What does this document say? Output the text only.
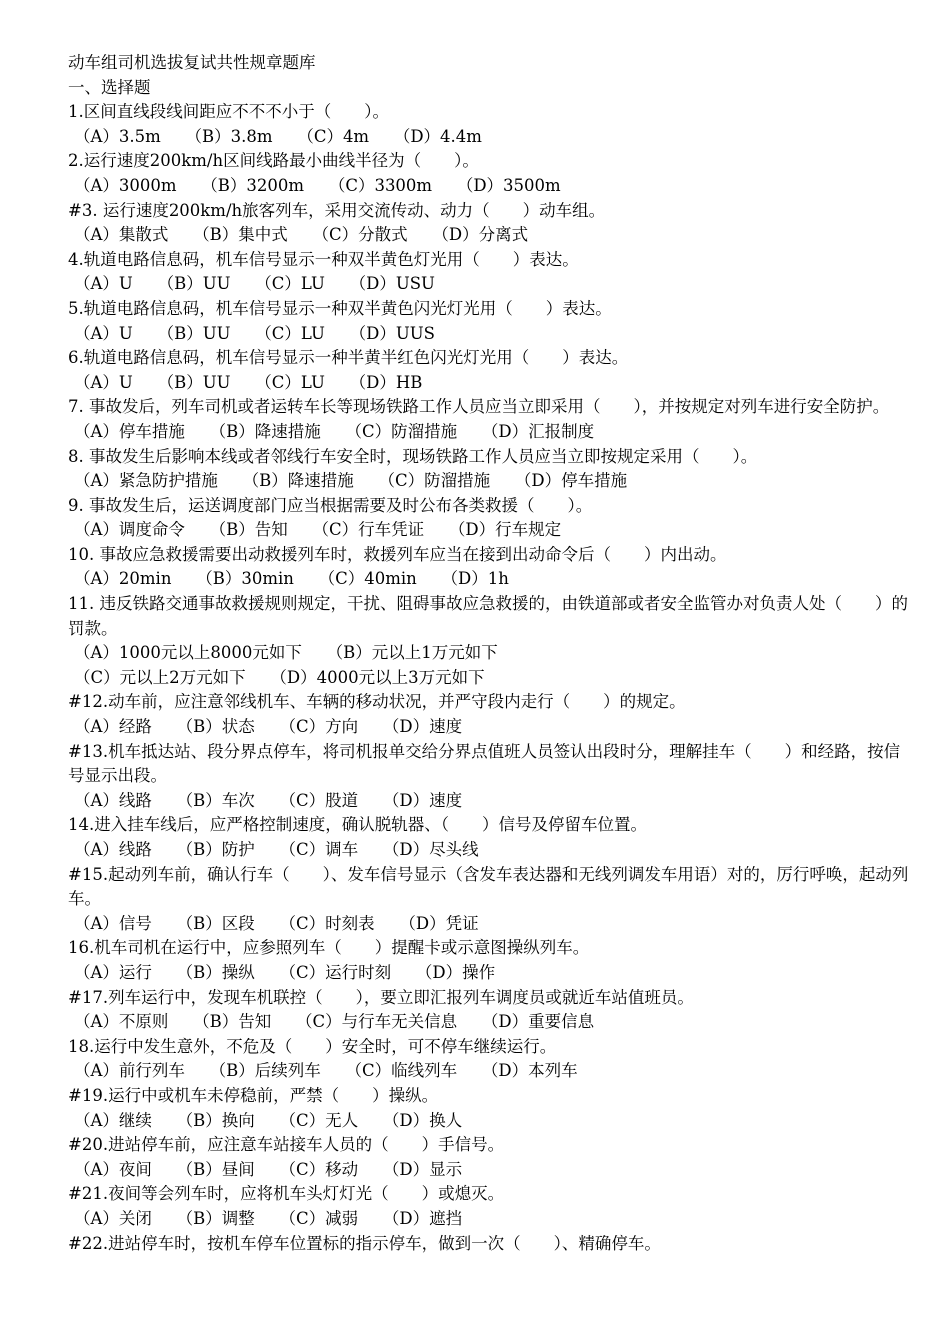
动车组司机选拔复试共性规章题库
一、选择题
1.区间直线段线间距应不不不小于（　　）。
（A）3.5m　　（B）3.8m　　（C）4m　　（D）4.4m
2.运行速度200km/h区间线路最小曲线半径为（　　）。
（A）3000m　　（B）3200m　　（C）3300m　　（D）3500m
#3. 运行速度200km/h旅客列车，采用交流传动、动力（　　）动车组。
（A）集散式　　（B）集中式　　（C）分散式　　（D）分离式
4.轨道电路信息码，机车信号显示一种双半黄色灯光用（　　）表达。
（A）U　　（B）UU　　（C）LU　　（D）USU
5.轨道电路信息码，机车信号显示一种双半黄色闪光灯光用（　　）表达。
（A）U　　（B）UU　　（C）LU　　（D）UUS
6.轨道电路信息码，机车信号显示一种半黄半红色闪光灯光用（　　）表达。
（A）U　　（B）UU　　（C）LU　　（D）HB
7. 事故发后，列车司机或者运转车长等现场铁路工作人员应当立即采用（　　），并按规定对列车进行安全防护。
（A）停车措施　　（B）降速措施　　（C）防溜措施　　（D）汇报制度
8. 事故发生后影响本线或者邻线行车安全时，现场铁路工作人员应当立即按规定采用（　　）。
（A）紧急防护措施　　（B）降速措施　　（C）防溜措施　　（D）停车措施
9. 事故发生后，运送调度部门应当根据需要及时公布各类救援（　　）。
（A）调度命令　　（B）告知　　（C）行车凭证　　（D）行车规定
10. 事故应急救援需要出动救援列车时，救援列车应当在接到出动命令后（　　）内出动。
（A）20min　　（B）30min　　（C）40min　　（D）1h
11. 违反铁路交通事故救援规则规定，干扰、阻碍事故应急救援的，由铁道部或者安全监管办对负责人处（　　）的罚款。
（A）1000元以上8000元如下　　（B）元以上1万元如下
（C）元以上2万元如下　　（D）4000元以上3万元如下
#12.动车前，应注意邻线机车、车辆的移动状况，并严守段内走行（　　）的规定。
（A）经路　　（B）状态　　（C）方向　　（D）速度
#13.机车抵达站、段分界点停车，将司机报单交给分界点值班人员签认出段时分，理解挂车（　　）和经路，按信号显示出段。
（A）线路　　（B）车次　　（C）股道　　（D）速度
14.进入挂车线后，应严格控制速度，确认脱轨器、（　　）信号及停留车位置。
（A）线路　　（B）防护　　（C）调车　　（D）尽头线
#15.起动列车前，确认行车（　　）、发车信号显示（含发车表达器和无线列调发车用语）对的，厉行呼唤，起动列车。
（A）信号　　（B）区段　　（C）时刻表　　（D）凭证
16.机车司机在运行中，应参照列车（　　）提醒卡或示意图操纵列车。
（A）运行　　（B）操纵　　（C）运行时刻　　（D）操作
#17.列车运行中，发现车机联控（　　），要立即汇报列车调度员或就近车站值班员。
（A）不原则　　（B）告知　　（C）与行车无关信息　　（D）重要信息
18.运行中发生意外，不危及（　　）安全时，可不停车继续运行。
（A）前行列车　　（B）后续列车　　（C）临线列车　　（D）本列车
#19.运行中或机车未停稳前，严禁（　　）操纵。
（A）继续　　（B）换向　　（C）无人　　（D）换人
#20.进站停车前，应注意车站接车人员的（　　）手信号。
（A）夜间　　（B）昼间　　（C）移动　　（D）显示
#21.夜间等会列车时，应将机车头灯灯光（　　）或熄灭。
（A）关闭　　（B）调整　　（C）减弱　　（D）遮挡
#22.进站停车时，按机车停车位置标的指示停车，做到一次（　　）、精确停车。
